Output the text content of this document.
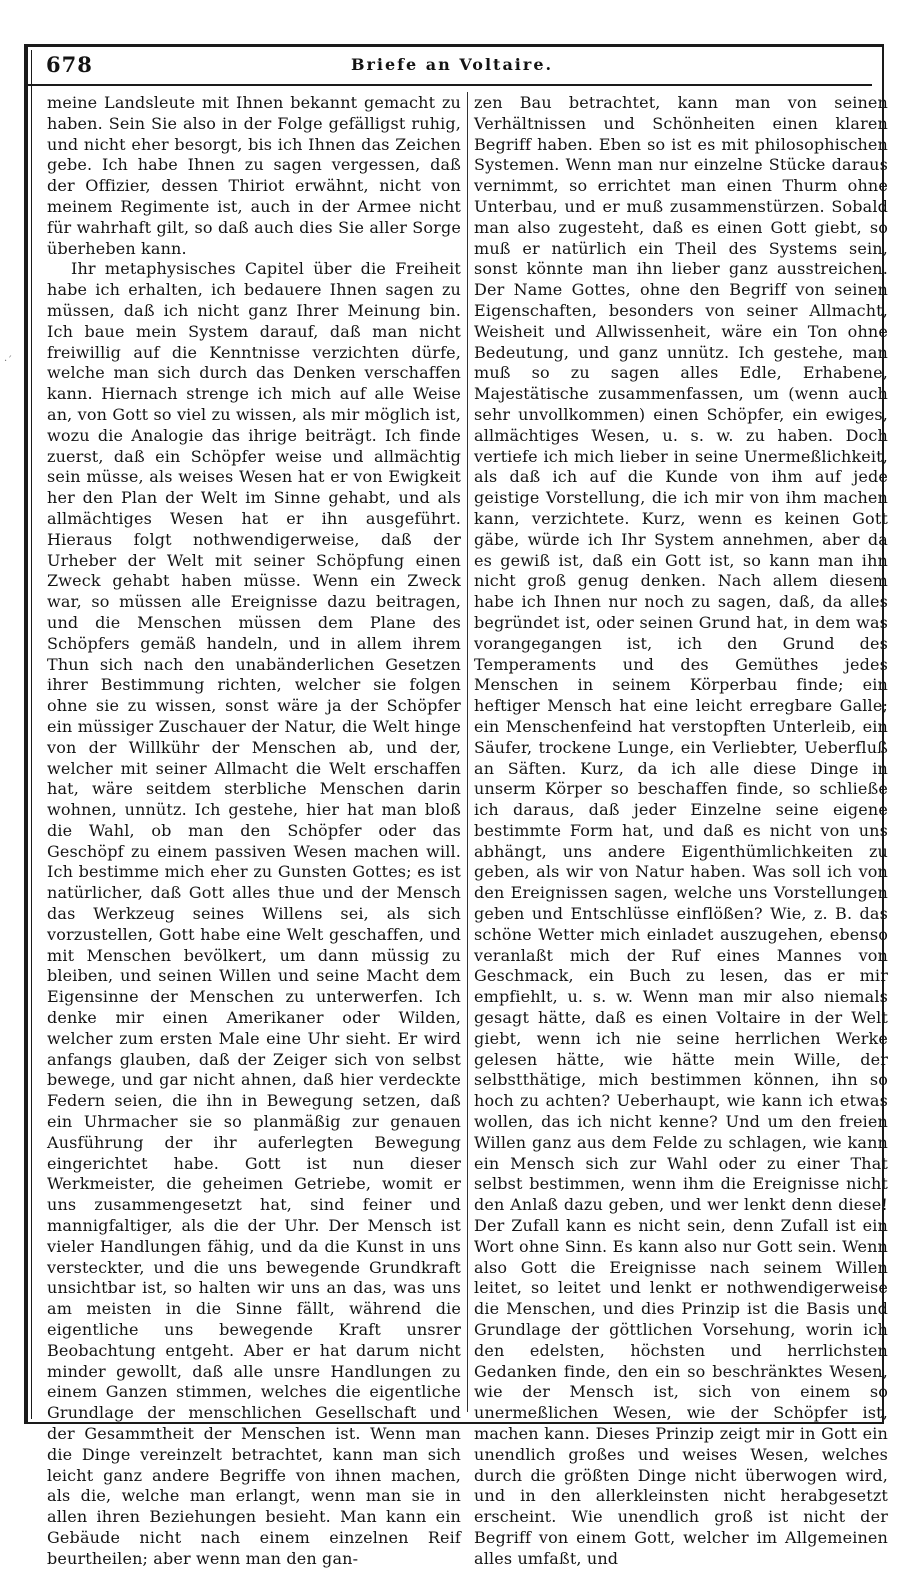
678	Briefe an Voltaire.

meine Landsleute mit Ihnen bekannt gemacht zu haben. Sein Sie also in der Folge gefälligst ruhig, und nicht eher besorgt, bis ich Ihnen das Zeichen gebe. Ich habe Ihnen zu sagen vergessen, daß der Offizier, dessen Thiriot erwähnt, nicht von meinem Regimente ist, auch in der Armee nicht für wahrhaft gilt, so daß auch dies Sie aller Sorge überheben kann.

Ihr metaphysisches Capitel über die Freiheit habe ich erhalten, ich bedauere Ihnen sagen zu müssen, daß ich nicht ganz Ihrer Meinung bin. Ich baue mein System darauf, daß man nicht freiwillig auf die Kenntnisse verzichten dürfe, welche man sich durch das Denken verschaffen kann. Hiernach strenge ich mich auf alle Weise an, von Gott so viel zu wissen, als mir möglich ist, wozu die Analogie das ihrige beiträgt. Ich finde zuerst, daß ein Schöpfer weise und allmächtig sein müsse, als weises Wesen hat er von Ewigkeit her den Plan der Welt im Sinne gehabt, und als allmächtiges Wesen hat er ihn ausgeführt. Hieraus folgt nothwendigerweise, daß der Urheber der Welt mit seiner Schöpfung einen Zweck gehabt haben müsse. Wenn ein Zweck war, so müssen alle Ereignisse dazu beitragen, und die Menschen müssen dem Plane des Schöpfers gemäß handeln, und in allem ihrem Thun sich nach den unabänderlichen Gesetzen ihrer Bestimmung richten, welcher sie folgen ohne sie zu wissen, sonst wäre ja der Schöpfer ein müssiger Zuschauer der Natur, die Welt hinge von der Willkühr der Menschen ab, und der, welcher mit seiner Allmacht die Welt erschaffen hat, wäre seitdem sterbliche Menschen darin wohnen, unnütz. Ich gestehe, hier hat man bloß die Wahl, ob man den Schöpfer oder das Geschöpf zu einem passiven Wesen machen will. Ich bestimme mich eher zu Gunsten Gottes; es ist natürlicher, daß Gott alles thue und der Mensch das Werkzeug seines Willens sei, als sich vorzustellen, Gott habe eine Welt geschaffen, und mit Menschen bevölkert, um dann müssig zu bleiben, und seinen Willen und seine Macht dem Eigensinne der Menschen zu unterwerfen. Ich denke mir einen Amerikaner oder Wilden, welcher zum ersten Male eine Uhr sieht. Er wird anfangs glauben, daß der Zeiger sich von selbst bewege, und gar nicht ahnen, daß hier verdeckte Federn seien, die ihn in Bewegung setzen, daß ein Uhrmacher sie so planmäßig zur genauen Ausführung der ihr auferlegten Bewegung eingerichtet habe. Gott ist nun dieser Werkmeister, die geheimen Getriebe, womit er uns zusammengesetzt hat, sind feiner und mannigfaltiger, als die der Uhr. Der Mensch ist vieler Handlungen fähig, und da die Kunst in uns versteckter, und die uns bewegende Grundkraft unsichtbar ist, so halten wir uns an das, was uns am meisten in die Sinne fällt, während die eigentliche uns bewegende Kraft unsrer Beobachtung entgeht. Aber er hat darum nicht minder gewollt, daß alle unsre Handlungen zu einem Ganzen stimmen, welches die eigentliche Grundlage der menschlichen Gesellschaft und der Gesammtheit der Menschen ist. Wenn man die Dinge vereinzelt betrachtet, kann man sich leicht ganz andere Begriffe von ihnen machen, als die, welche man erlangt, wenn man sie in allen ihren Beziehungen besieht. Man kann ein Gebäude nicht nach einem einzelnen Reif beurtheilen; aber wenn man den gan-

zen Bau betrachtet, kann man von seinen Verhältnissen und Schönheiten einen klaren Begriff haben. Eben so ist es mit philosophischen Systemen. Wenn man nur einzelne Stücke daraus vernimmt, so errichtet man einen Thurm ohne Unterbau, und er muß zusammenstürzen. Sobald man also zugesteht, daß es einen Gott giebt, so muß er natürlich ein Theil des Systems sein, sonst könnte man ihn lieber ganz ausstreichen. Der Name Gottes, ohne den Begriff von seinen Eigenschaften, besonders von seiner Allmacht, Weisheit und Allwissenheit, wäre ein Ton ohne Bedeutung, und ganz unnütz. Ich gestehe, man muß so zu sagen alles Edle, Erhabene, Majestätische zusammenfassen, um (wenn auch sehr unvollkommen) einen Schöpfer, ein ewiges, allmächtiges Wesen, u. s. w. zu haben. Doch vertiefe ich mich lieber in seine Unermeßlichkeit, als daß ich auf die Kunde von ihm auf jede geistige Vorstellung, die ich mir von ihm machen kann, verzichtete. Kurz, wenn es keinen Gott gäbe, würde ich Ihr System annehmen, aber da es gewiß ist, daß ein Gott ist, so kann man ihn nicht groß genug denken. Nach allem diesem habe ich Ihnen nur noch zu sagen, daß, da alles begründet ist, oder seinen Grund hat, in dem was vorangegangen ist, ich den Grund des Temperaments und des Gemüthes jedes Menschen in seinem Körperbau finde; ein heftiger Mensch hat eine leicht erregbare Galle; ein Menschenfeind hat verstopften Unterleib, ein Säufer, trockene Lunge, ein Verliebter, Ueberfluß an Säften. Kurz, da ich alle diese Dinge in unserm Körper so beschaffen finde, so schließe ich daraus, daß jeder Einzelne seine eigene bestimmte Form hat, und daß es nicht von uns abhängt, uns andere Eigenthümlichkeiten zu geben, als wir von Natur haben. Was soll ich von den Ereignissen sagen, welche uns Vorstellungen geben und Entschlüsse einflößen? Wie, z. B. das schöne Wetter mich einladet auszugehen, ebenso veranlaßt mich der Ruf eines Mannes von Geschmack, ein Buch zu lesen, das er mir empfiehlt, u. s. w. Wenn man mir also niemals gesagt hätte, daß es einen Voltaire in der Welt giebt, wenn ich nie seine herrlichen Werke gelesen hätte, wie hätte mein Wille, der selbstthätige, mich bestimmen können, ihn so hoch zu achten? Ueberhaupt, wie kann ich etwas wollen, das ich nicht kenne? Und um den freien Willen ganz aus dem Felde zu schlagen, wie kann ein Mensch sich zur Wahl oder zu einer That selbst bestimmen, wenn ihm die Ereignisse nicht den Anlaß dazu geben, und wer lenkt denn diese! Der Zufall kann es nicht sein, denn Zufall ist ein Wort ohne Sinn. Es kann also nur Gott sein. Wenn also Gott die Ereignisse nach seinem Willen leitet, so leitet und lenkt er nothwendigerweise die Menschen, und dies Prinzip ist die Basis und Grundlage der göttlichen Vorsehung, worin ich den edelsten, höchsten und herrlichsten Gedanken finde, den ein so beschränktes Wesen, wie der Mensch ist, sich von einem so unermeßlichen Wesen, wie der Schöpfer ist, machen kann. Dieses Prinzip zeigt mir in Gott ein unendlich großes und weises Wesen, welches durch die größten Dinge nicht überwogen wird, und in den allerkleinsten nicht herabgesetzt erscheint. Wie unendlich groß ist nicht der Begriff von einem Gott, welcher im Allgemeinen alles umfaßt, und

·´
